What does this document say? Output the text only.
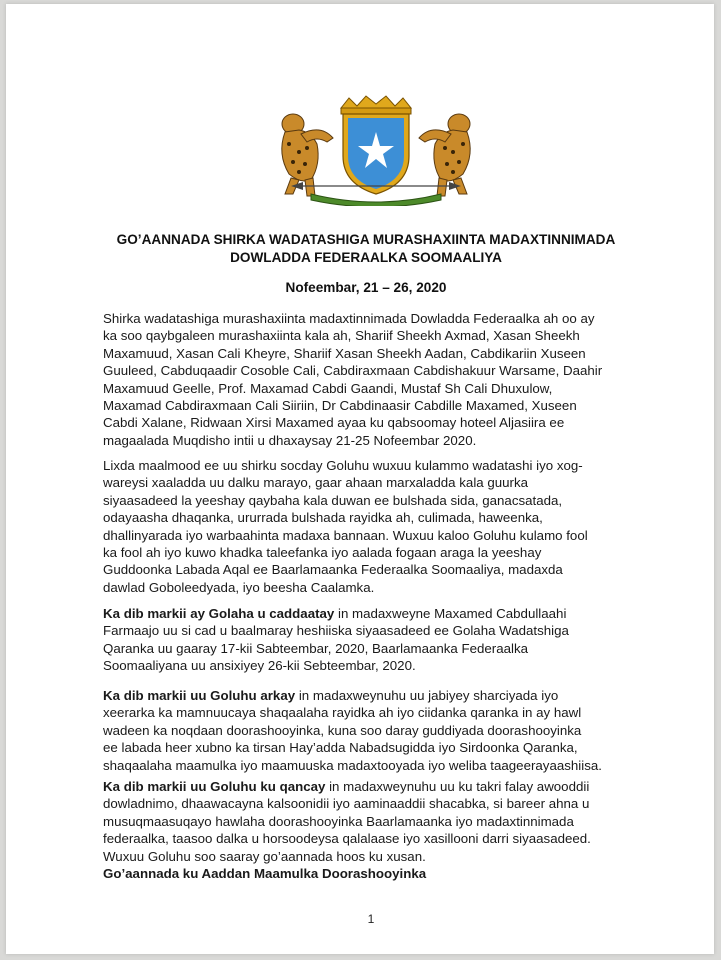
GO’AANNADA SHIRKA WADATASHIGA MURASHAXIINTA MADAXTINNIMADA
DOWLADDA FEDERAALKA SOOMAALIYA
Nofeembar, 21 – 26, 2020
Shirka wadatashiga murashaxiinta madaxtinnimada Dowladda Federaalka ah oo ay
ka soo qaybgaleen murashaxiinta kala ah, Shariif Sheekh Axmad, Xasan Sheekh
Maxamuud, Xasan Cali Kheyre, Shariif Xasan Sheekh Aadan, Cabdikariin Xuseen
Guuleed, Cabduqaadir Cosoble Cali, Cabdiraxmaan Cabdishakuur Warsame, Daahir
Maxamuud Geelle, Prof. Maxamad Cabdi Gaandi, Mustaf Sh Cali Dhuxulow,
Maxamad Cabdiraxmaan Cali Siiriin, Dr Cabdinaasir Cabdille Maxamed, Xuseen
Cabdi Xalane, Ridwaan Xirsi Maxamed ayaa ku qabsoomay hoteel Aljasiira ee
magaalada Muqdisho intii u dhaxaysay 21-25 Nofeembar 2020.
Lixda maalmood ee uu shirku socday Goluhu wuxuu kulammo wadatashi iyo xog-
wareysi xaaladda uu dalku marayo, gaar ahaan marxaladda kala guurka
siyaasadeed la yeeshay qaybaha kala duwan ee bulshada sida, ganacsatada,
odayaasha dhaqanka, ururrada bulshada rayidka ah, culimada, haweenka,
dhallinyarada iyo warbaahinta madaxa bannaan. Wuxuu kaloo Goluhu kulamo fool
ka fool ah iyo kuwo khadka taleefanka iyo aalada fogaan araga la yeeshay
Guddoonka Labada Aqal ee Baarlamaanka Federaalka Soomaaliya, madaxda
dawlad Goboleedyada, iyo beesha Caalamka.
Ka dib markii ay Golaha u caddaatay in madaxweyne Maxamed Cabdullaahi
Farmaajo uu si cad u baalmaray heshiiska siyaasadeed ee Golaha Wadatshiga
Qaranka uu gaaray 17-kii Sabteembar, 2020, Baarlamaanka Federaalka
Soomaaliyana uu ansixiyey 26-kii Sebteembar, 2020.
Ka dib markii uu Goluhu arkay in madaxweynuhu uu jabiyey sharciyada iyo
xeerarka ka mamnuucaya shaqaalaha rayidka ah iyo ciidanka qaranka in ay hawl
wadeen ka noqdaan doorashooyinka, kuna soo daray guddiyada doorashooyinka
ee labada heer xubno ka tirsan Hay’adda Nabadsugidda iyo Sirdoonka Qaranka,
shaqaalaha maamulka iyo maamuuska madaxtooyada iyo weliba taageerayaashiisa.
Ka dib markii uu Goluhu ku qancay in madaxweynuhu uu ku takri falay awooddii
dowladnimo, dhaawacayna kalsoonidii iyo aaminaaddii shacabka, si bareer ahna u
musuqmaasuqayo hawlaha doorashooyinka Baarlamaanka iyo madaxtinnimada
federaalka, taasoo dalka u horsoodeysa qalalaase iyo xasillooni darri siyaasadeed.
Wuxuu Goluhu soo saaray go’aannada hoos ku xusan.
Go’aannada ku Aaddan Maamulka Doorashooyinka
1
